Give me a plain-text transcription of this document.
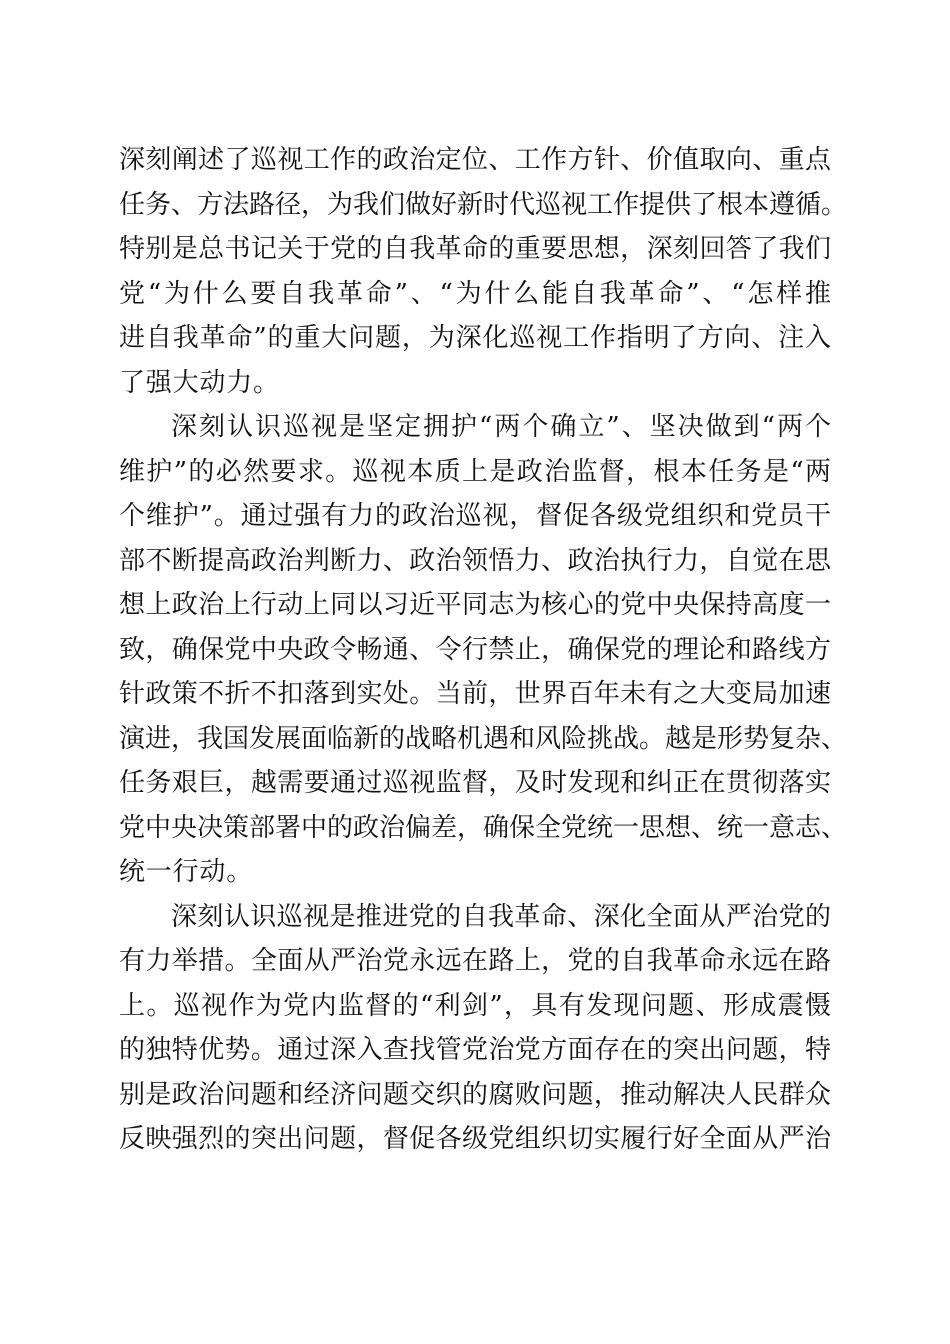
深刻阐述了巡视工作的政治定位、工作方针、价值取向、重点
任务、方法路径，为我们做好新时代巡视工作提供了根本遵循。
特别是总书记关于党的自我革命的重要思想，深刻回答了我们
党“为什么要自我革命”、“为什么能自我革命”、“怎样推
进自我革命”的重大问题，为深化巡视工作指明了方向、注入
了强大动力。
深刻认识巡视是坚定拥护“两个确立”、坚决做到“两个
维护”的必然要求。巡视本质上是政治监督，根本任务是“两
个维护”。通过强有力的政治巡视，督促各级党组织和党员干
部不断提高政治判断力、政治领悟力、政治执行力，自觉在思
想上政治上行动上同以习近平同志为核心的党中央保持高度一
致，确保党中央政令畅通、令行禁止，确保党的理论和路线方
针政策不折不扣落到实处。当前，世界百年未有之大变局加速
演进，我国发展面临新的战略机遇和风险挑战。越是形势复杂、
任务艰巨，越需要通过巡视监督，及时发现和纠正在贯彻落实
党中央决策部署中的政治偏差，确保全党统一思想、统一意志、
统一行动。
深刻认识巡视是推进党的自我革命、深化全面从严治党的
有力举措。全面从严治党永远在路上，党的自我革命永远在路
上。巡视作为党内监督的“利剑”，具有发现问题、形成震慑
的独特优势。通过深入查找管党治党方面存在的突出问题，特
别是政治问题和经济问题交织的腐败问题，推动解决人民群众
反映强烈的突出问题，督促各级党组织切实履行好全面从严治
